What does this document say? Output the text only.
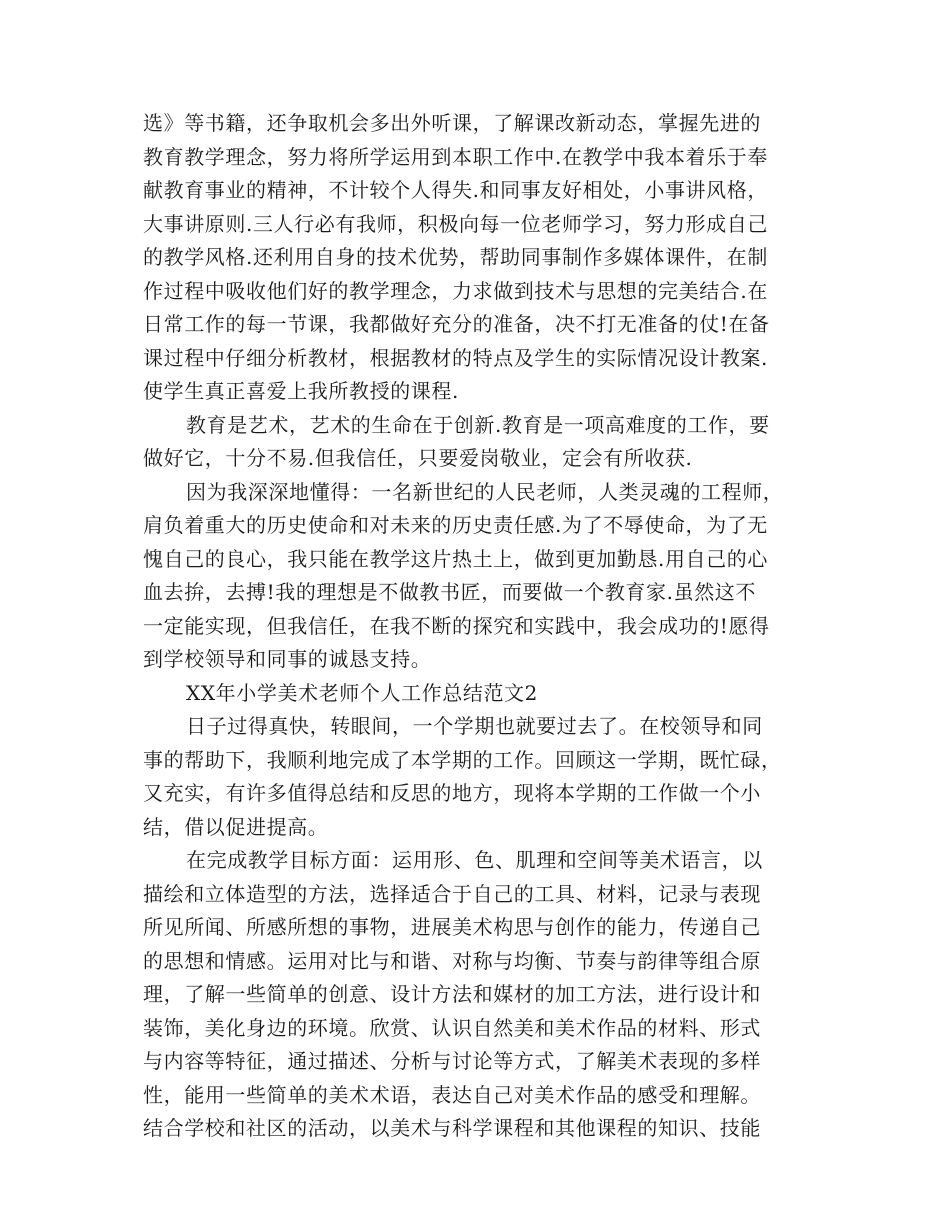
选》等书籍，还争取机会多出外听课，了解课改新动态，掌握先进的
教育教学理念，努力将所学运用到本职工作中.在教学中我本着乐于奉
献教育事业的精神，不计较个人得失.和同事友好相处，小事讲风格，
大事讲原则.三人行必有我师，积极向每一位老师学习，努力形成自己
的教学风格.还利用自身的技术优势，帮助同事制作多媒体课件，在制
作过程中吸收他们好的教学理念，力求做到技术与思想的完美结合.在
日常工作的每一节课，我都做好充分的准备，决不打无准备的仗!在备
课过程中仔细分析教材，根据教材的特点及学生的实际情况设计教案.
使学生真正喜爱上我所教授的课程.
教育是艺术，艺术的生命在于创新.教育是一项高难度的工作，要
做好它，十分不易.但我信任，只要爱岗敬业，定会有所收获.
因为我深深地懂得：一名新世纪的人民老师，人类灵魂的工程师，
肩负着重大的历史使命和对未来的历史责任感.为了不辱使命，为了无
愧自己的良心，我只能在教学这片热土上，做到更加勤恳.用自己的心
血去拚，去搏!我的理想是不做教书匠，而要做一个教育家.虽然这不
一定能实现，但我信任，在我不断的探究和实践中，我会成功的!愿得
到学校领导和同事的诚恳支持。
XX年小学美术老师个人工作总结范文2
日子过得真快，转眼间，一个学期也就要过去了。在校领导和同
事的帮助下，我顺利地完成了本学期的工作。回顾这一学期，既忙碌，
又充实，有许多值得总结和反思的地方，现将本学期的工作做一个小
结，借以促进提高。
在完成教学目标方面：运用形、色、肌理和空间等美术语言，以
描绘和立体造型的方法，选择适合于自己的工具、材料，记录与表现
所见所闻、所感所想的事物，进展美术构思与创作的能力，传递自己
的思想和情感。运用对比与和谐、对称与均衡、节奏与韵律等组合原
理，了解一些简单的创意、设计方法和媒材的加工方法，进行设计和
装饰，美化身边的环境。欣赏、认识自然美和美术作品的材料、形式
与内容等特征，通过描述、分析与讨论等方式，了解美术表现的多样
性，能用一些简单的美术术语，表达自己对美术作品的感受和理解。
结合学校和社区的活动，以美术与科学课程和其他课程的知识、技能
